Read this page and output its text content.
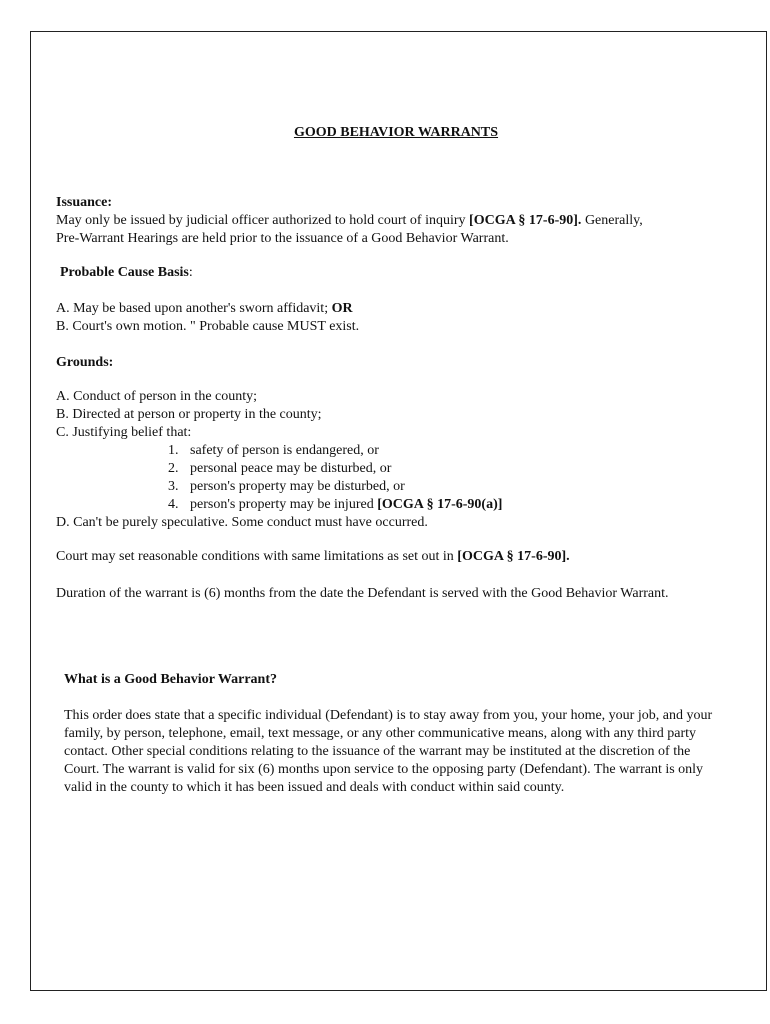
GOOD BEHAVIOR WARRANTS
Issuance:
May only be issued by judicial officer authorized to hold court of inquiry [OCGA § 17-6-90]. Generally,
Pre-Warrant Hearings are held prior to the issuance of a Good Behavior Warrant.
Probable Cause Basis:
A. May be based upon another's sworn affidavit; OR
B. Court's own motion. " Probable cause MUST exist.
Grounds:
A. Conduct of person in the county;
B. Directed at person or property in the county;
C. Justifying belief that:
1. safety of person is endangered, or
2. personal peace may be disturbed, or
3. person's property may be disturbed, or
4. person's property may be injured [OCGA § 17-6-90(a)]
D. Can't be purely speculative. Some conduct must have occurred.
Court may set reasonable conditions with same limitations as set out in [OCGA § 17-6-90].
Duration of the warrant is (6) months from the date the Defendant is served with the Good Behavior Warrant.
What is a Good Behavior Warrant?
This order does state that a specific individual (Defendant) is to stay away from you, your home, your job, and your family, by person, telephone, email, text message, or any other communicative means, along with any third party contact. Other special conditions relating to the issuance of the warrant may be instituted at the discretion of the Court. The warrant is valid for six (6) months upon service to the opposing party (Defendant). The warrant is only valid in the county to which it has been issued and deals with conduct within said county.
